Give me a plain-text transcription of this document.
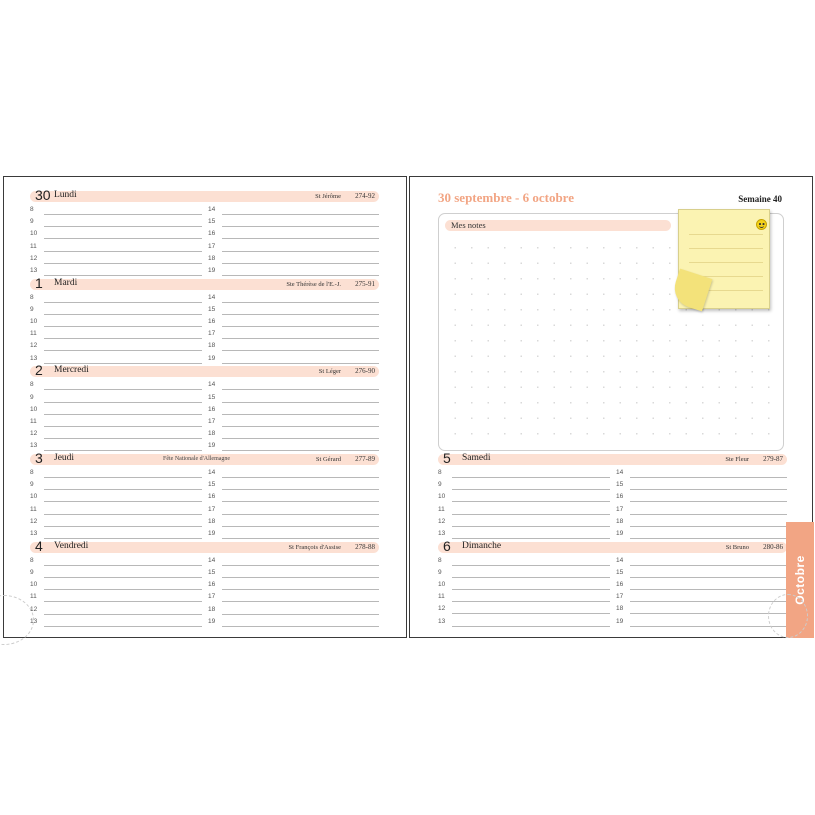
30 Lundi	St Jérôme 274-92
8
9
10
11
12
13
14
15
16
17
18
19
1 Mardi	Ste Thérèse de l'E.-J. 275-91
8
9
10
11
12
13
14
15
16
17
18
19
2 Mercredi	St Léger 276-90
8
9
10
11
12
13
14
15
16
17
18
19
3 Jeudi	Fête Nationale d'Allemagne	St Gérard 277-89
8
9
10
11
12
13
14
15
16
17
18
19
4 Vendredi	St François d'Assise 278-88
8
9
10
11
12
13
14
15
16
17
18
19
30 septembre - 6 octobre	Semaine 40
Mes notes
5 Samedi	Ste Fleur 279-87
8
9
10
11
12
13
14
15
16
17
18
19
6 Dimanche	St Bruno 280-86
8
9
10
11
12
13
14
15
16
17
18
19
Octobre
